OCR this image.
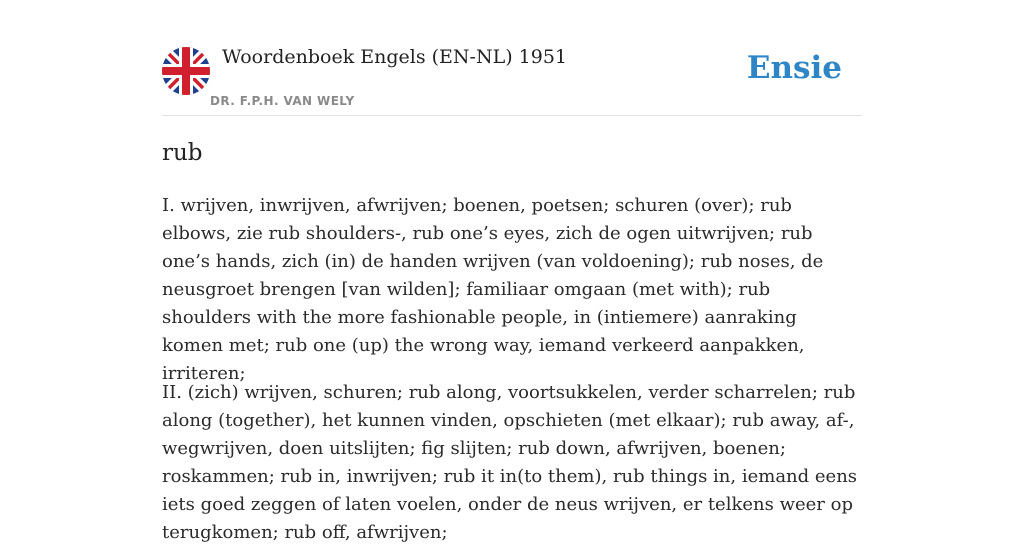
Woordenboek Engels (EN-NL) 1951
DR. F.P.H. VAN WELY
Ensie
rub

I. wrijven, inwrijven, afwrijven; boenen, poetsen; schuren (over); rub elbows, zie rub shoulders-, rub one’s eyes, zich de ogen uitwrijven; rub one’s hands, zich (in) de handen wrijven (van voldoening); rub noses, de neusgroet brengen [van wilden]; familiaar omgaan (met with); rub shoulders with the more fashionable people, in (intiemere) aanraking komen met; rub one (up) the wrong way, iemand verkeerd aanpakken, irriteren;

II. (zich) wrijven, schuren; rub along, voortsukkelen, verder scharrelen; rub along (together), het kunnen vinden, opschieten (met elkaar); rub away, af-, wegwrijven, doen uitslijten; fig slijten; rub down, afwrijven, boenen; roskammen; rub in, inwrijven; rub it in(to them), rub things in, iemand eens iets goed zeggen of laten voelen, onder de neus wrijven, er telkens weer op terugkomen; rub off, afwrijven;
